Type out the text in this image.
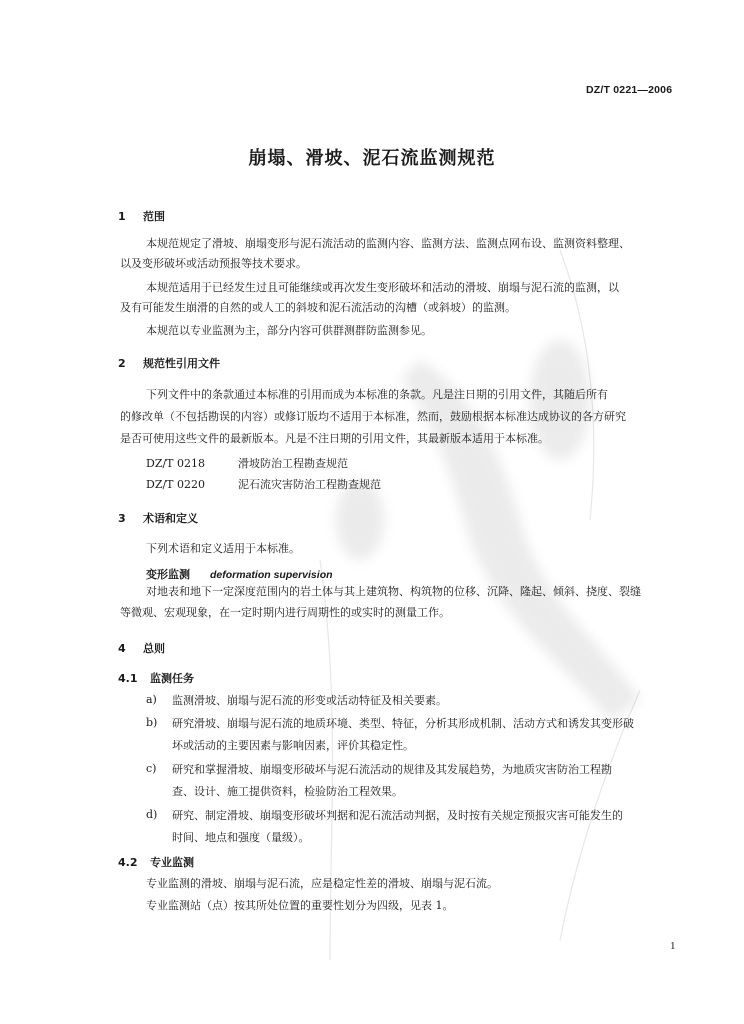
DZ/T 0221—2006
崩塌、滑坡、泥石流监测规范
1 范围
本规范规定了滑坡、崩塌变形与泥石流活动的监测内容、监测方法、监测点网布设、监测资料整理、
以及变形破坏或活动预报等技术要求。
本规范适用于已经发生过且可能继续或再次发生变形破坏和活动的滑坡、崩塌与泥石流的监测，以
及有可能发生崩滑的自然的或人工的斜坡和泥石流活动的沟槽（或斜坡）的监测。
本规范以专业监测为主，部分内容可供群测群防监测参见。
2 规范性引用文件
下列文件中的条款通过本标准的引用而成为本标准的条款。凡是注日期的引用文件，其随后所有
的修改单（不包括勘误的内容）或修订版均不适用于本标准，然而，鼓励根据本标准达成协议的各方研究
是否可使用这些文件的最新版本。凡是不注日期的引用文件，其最新版本适用于本标准。
DZ/T 0218	滑坡防治工程勘查规范
DZ/T 0220	泥石流灾害防治工程勘查规范
3 术语和定义
下列术语和定义适用于本标准。
变形监测 deformation supervision
对地表和地下一定深度范围内的岩土体与其上建筑物、构筑物的位移、沉降、隆起、倾斜、挠度、裂缝
等微观、宏观现象，在一定时期内进行周期性的或实时的测量工作。
4 总则
4.1 监测任务
a) 监测滑坡、崩塌与泥石流的形变或活动特征及相关要素。
b) 研究滑坡、崩塌与泥石流的地质环境、类型、特征，分析其形成机制、活动方式和诱发其变形破
坏或活动的主要因素与影响因素，评价其稳定性。
c) 研究和掌握滑坡、崩塌变形破坏与泥石流活动的规律及其发展趋势，为地质灾害防治工程勘
查、设计、施工提供资料，检验防治工程效果。
d) 研究、制定滑坡、崩塌变形破坏判据和泥石流活动判据，及时按有关规定预报灾害可能发生的
时间、地点和强度（量级）。
4.2 专业监测
专业监测的滑坡、崩塌与泥石流，应是稳定性差的滑坡、崩塌与泥石流。
专业监测站（点）按其所处位置的重要性划分为四级，见表 1。
1
